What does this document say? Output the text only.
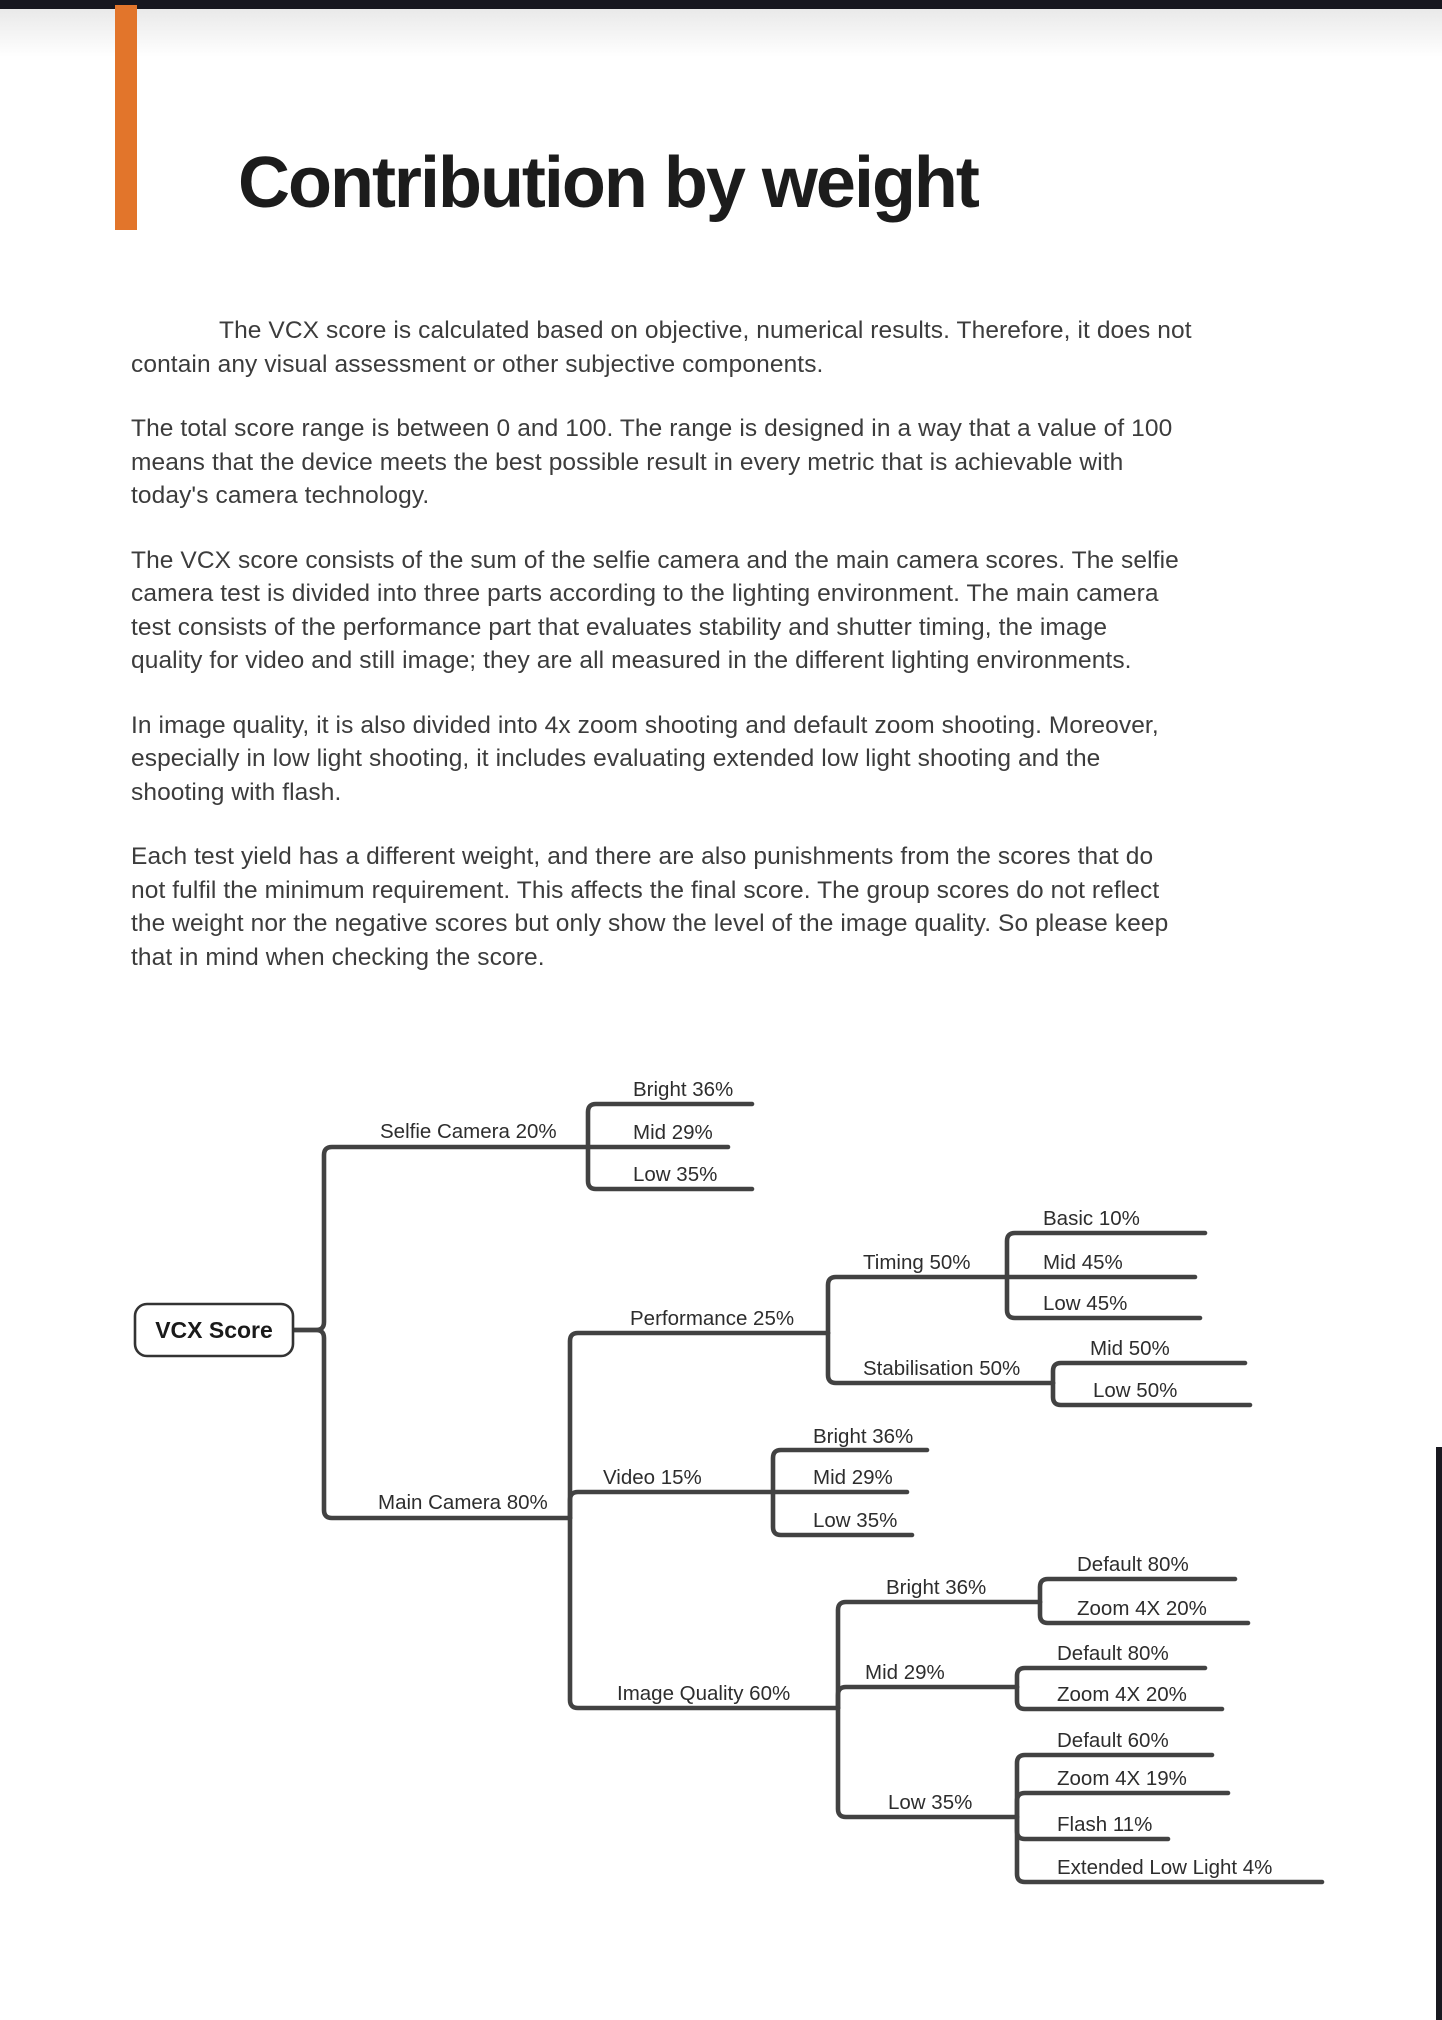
Contribution by weight

The VCX score is calculated based on objective, numerical results. Therefore, it does not
contain any visual assessment or other subjective components.

The total score range is between 0 and 100. The range is designed in a way that a value of 100
means that the device meets the best possible result in every metric that is achievable with
today's camera technology.

The VCX score consists of the sum of the selfie camera and the main camera scores. The selfie
camera test is divided into three parts according to the lighting environment. The main camera
test consists of the performance part that evaluates stability and shutter timing, the image
quality for video and still image; they are all measured in the different lighting environments.

In image quality, it is also divided into 4x zoom shooting and default zoom shooting. Moreover,
especially in low light shooting, it includes evaluating extended low light shooting and the
shooting with flash.

Each test yield has a different weight, and there are also punishments from the scores that do
not fulfil the minimum requirement. This affects the final score. The group scores do not reflect
the weight nor the negative scores but only show the level of the image quality. So please keep
that in mind when checking the score.

VCX Score
Selfie Camera 20%
Bright 36%
Mid 29%
Low 35%
Main Camera 80%
Performance 25%
Timing 50%
Basic 10%
Mid 45%
Low 45%
Stabilisation 50%
Mid 50%
Low 50%
Video 15%
Bright 36%
Mid 29%
Low 35%
Image Quality 60%
Bright 36%
Default 80%
Zoom 4X 20%
Mid 29%
Default 80%
Zoom 4X 20%
Low 35%
Default 60%
Zoom 4X 19%
Flash 11%
Extended Low Light 4%
